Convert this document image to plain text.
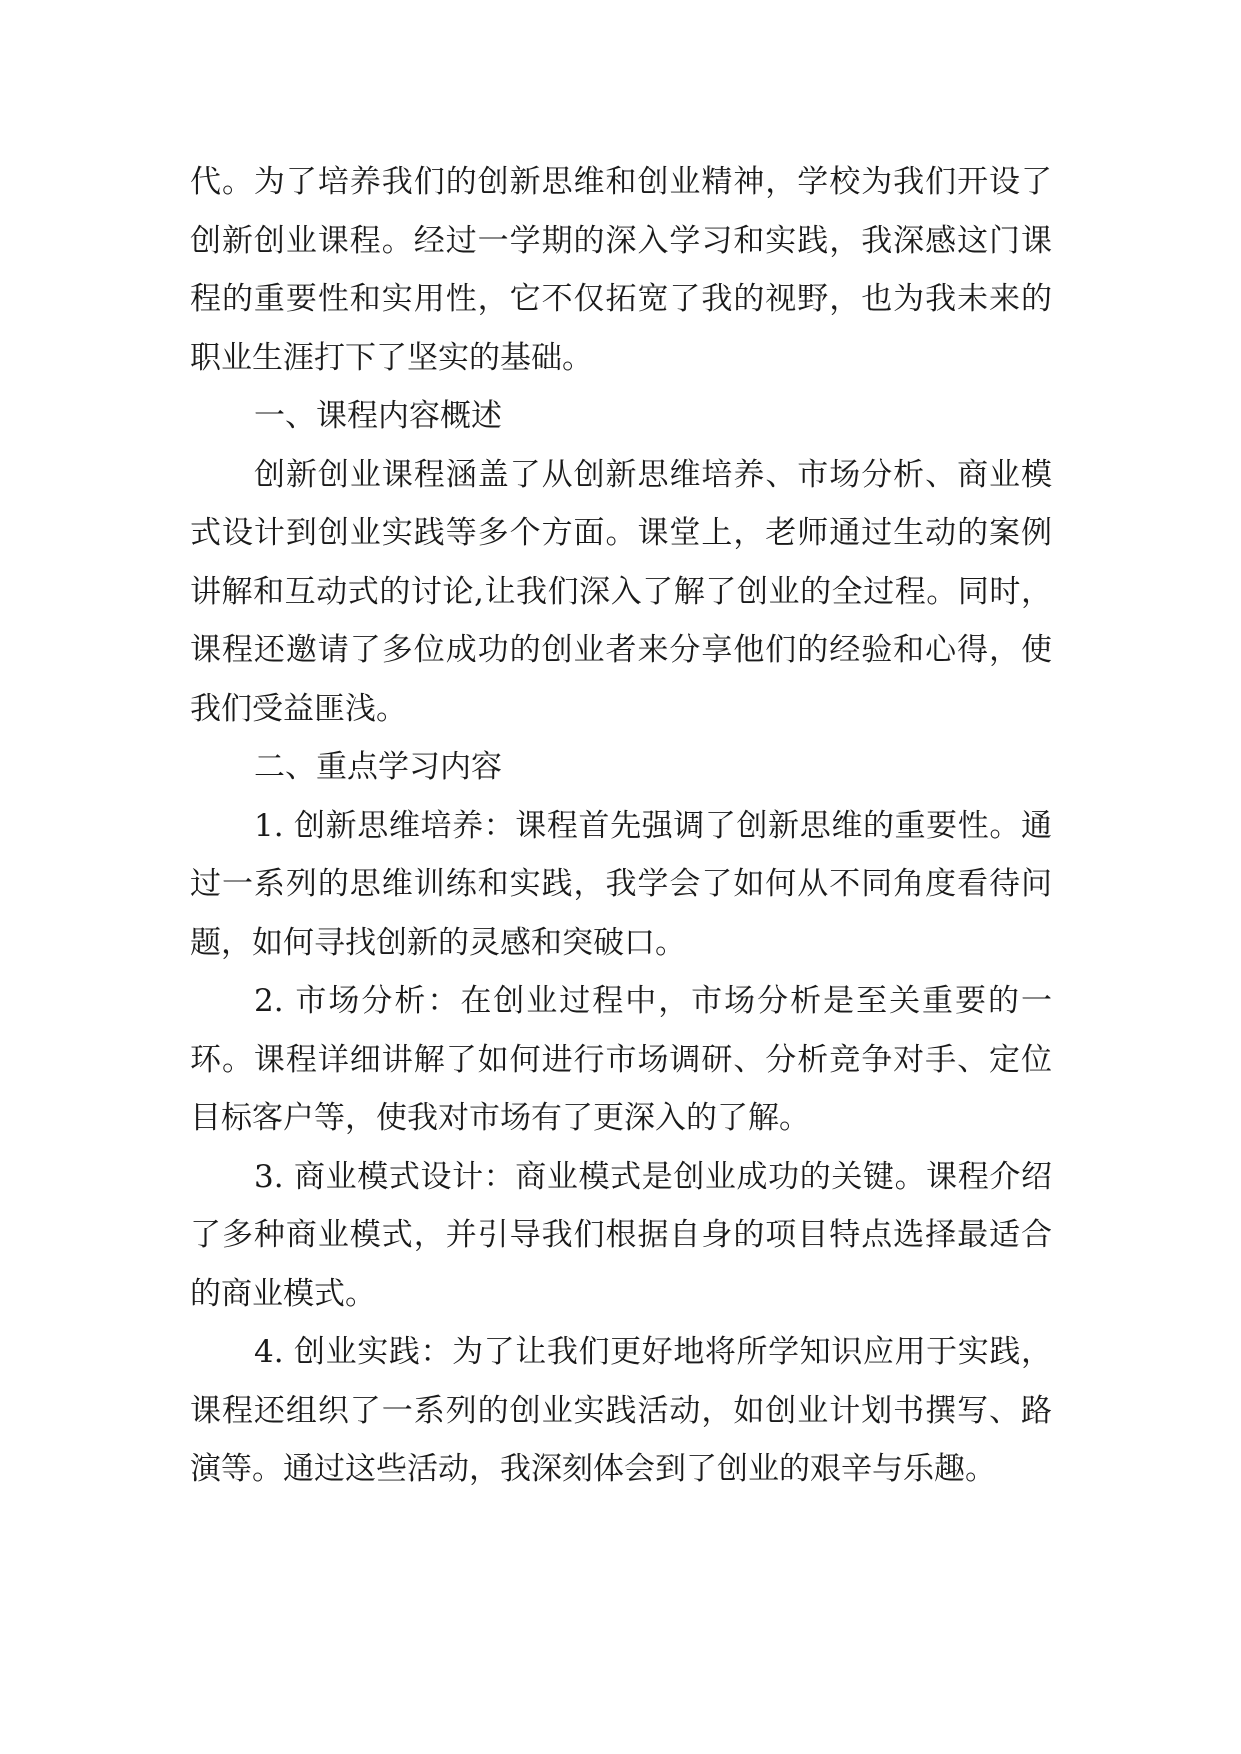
代。为了培养我们的创新思维和创业精神，学校为我们开设了创新创业课程。经过一学期的深入学习和实践，我深感这门课程的重要性和实用性，它不仅拓宽了我的视野，也为我未来的职业生涯打下了坚实的基础。

一、课程内容概述

创新创业课程涵盖了从创新思维培养、市场分析、商业模式设计到创业实践等多个方面。课堂上，老师通过生动的案例讲解和互动式的讨论,让我们深入了解了创业的全过程。同时，课程还邀请了多位成功的创业者来分享他们的经验和心得，使我们受益匪浅。

二、重点学习内容

1. 创新思维培养：课程首先强调了创新思维的重要性。通过一系列的思维训练和实践，我学会了如何从不同角度看待问题，如何寻找创新的灵感和突破口。

2. 市场分析：在创业过程中，市场分析是至关重要的一环。课程详细讲解了如何进行市场调研、分析竞争对手、定位目标客户等，使我对市场有了更深入的了解。

3. 商业模式设计：商业模式是创业成功的关键。课程介绍了多种商业模式，并引导我们根据自身的项目特点选择最适合的商业模式。

4. 创业实践：为了让我们更好地将所学知识应用于实践，课程还组织了一系列的创业实践活动，如创业计划书撰写、路演等。通过这些活动，我深刻体会到了创业的艰辛与乐趣。
